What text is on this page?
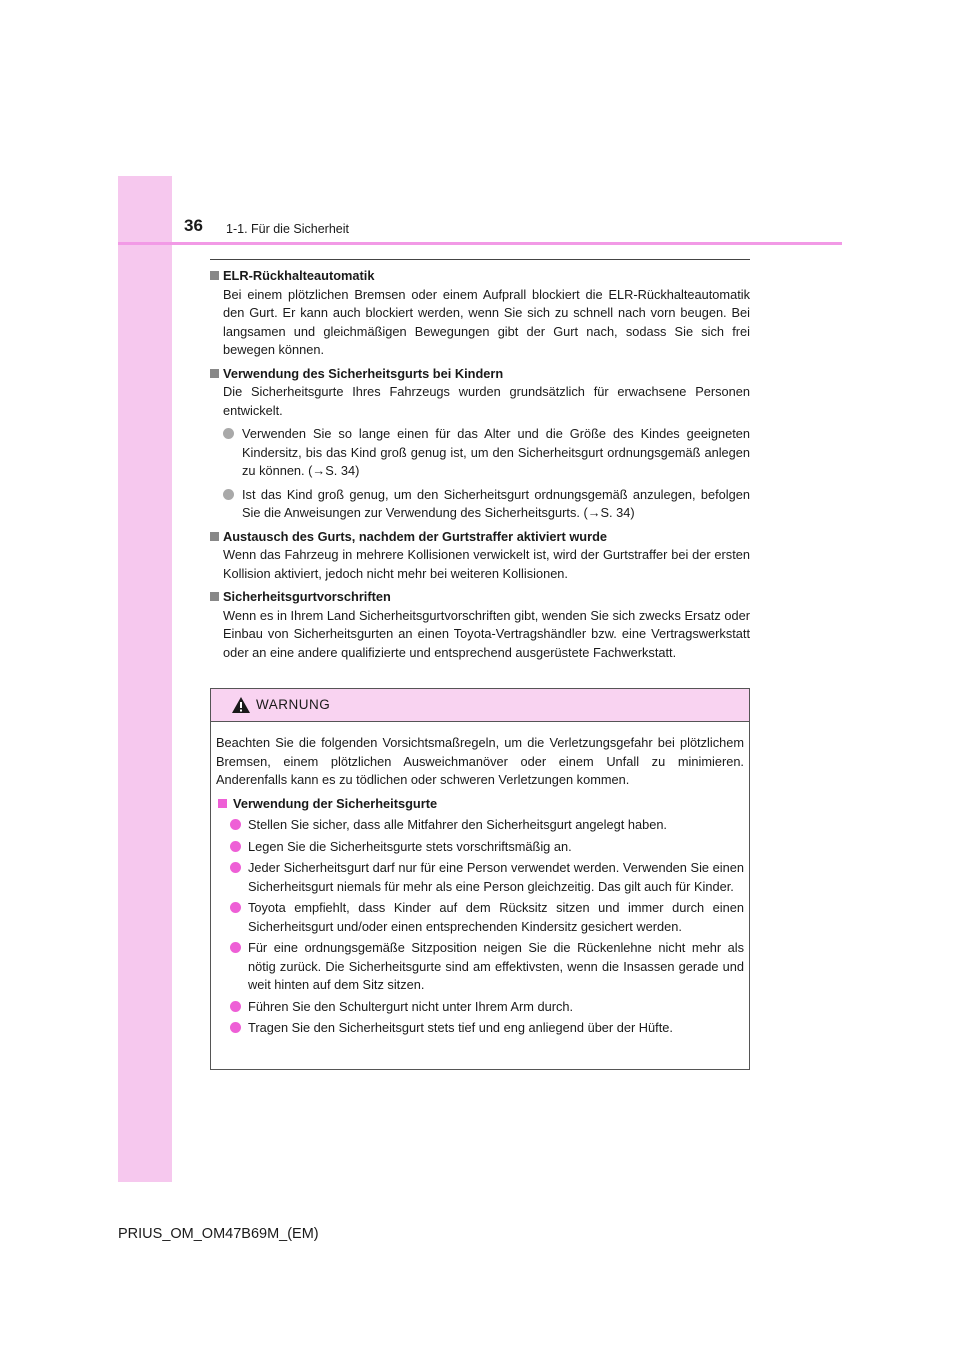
36 1-1. Für die Sicherheit
ELR-Rückhalteautomatik
Bei einem plötzlichen Bremsen oder einem Aufprall blockiert die ELR-Rückhalteautomatik den Gurt. Er kann auch blockiert werden, wenn Sie sich zu schnell nach vorn beugen. Bei langsamen und gleichmäßigen Bewegungen gibt der Gurt nach, sodass Sie sich frei bewegen können.
Verwendung des Sicherheitsgurts bei Kindern
Die Sicherheitsgurte Ihres Fahrzeugs wurden grundsätzlich für erwachsene Personen entwickelt.
Verwenden Sie so lange einen für das Alter und die Größe des Kindes geeigneten Kindersitz, bis das Kind groß genug ist, um den Sicherheitsgurt ordnungsgemäß anlegen zu können. (→S. 34)
Ist das Kind groß genug, um den Sicherheitsgurt ordnungsgemäß anzulegen, befolgen Sie die Anweisungen zur Verwendung des Sicherheitsgurts. (→S. 34)
Austausch des Gurts, nachdem der Gurtstraffer aktiviert wurde
Wenn das Fahrzeug in mehrere Kollisionen verwickelt ist, wird der Gurtstraffer bei der ersten Kollision aktiviert, jedoch nicht mehr bei weiteren Kollisionen.
Sicherheitsgurtvorschriften
Wenn es in Ihrem Land Sicherheitsgurtvorschriften gibt, wenden Sie sich zwecks Ersatz oder Einbau von Sicherheitsgurten an einen Toyota-Vertragshändler bzw. eine Vertragswerkstatt oder an eine andere qualifizierte und entsprechend ausgerüstete Fachwerkstatt.
WARNUNG
Beachten Sie die folgenden Vorsichtsmaßregeln, um die Verletzungsgefahr bei plötzlichem Bremsen, einem plötzlichen Ausweichmanöver oder einem Unfall zu minimieren. Anderenfalls kann es zu tödlichen oder schweren Verletzungen kommen.
Verwendung der Sicherheitsgurte
Stellen Sie sicher, dass alle Mitfahrer den Sicherheitsgurt angelegt haben.
Legen Sie die Sicherheitsgurte stets vorschriftsmäßig an.
Jeder Sicherheitsgurt darf nur für eine Person verwendet werden. Verwenden Sie einen Sicherheitsgurt niemals für mehr als eine Person gleichzeitig. Das gilt auch für Kinder.
Toyota empfiehlt, dass Kinder auf dem Rücksitz sitzen und immer durch einen Sicherheitsgurt und/oder einen entsprechenden Kindersitz gesichert werden.
Für eine ordnungsgemäße Sitzposition neigen Sie die Rückenlehne nicht mehr als nötig zurück. Die Sicherheitsgurte sind am effektivsten, wenn die Insassen gerade und weit hinten auf dem Sitz sitzen.
Führen Sie den Schultergurt nicht unter Ihrem Arm durch.
Tragen Sie den Sicherheitsgurt stets tief und eng anliegend über der Hüfte.
PRIUS_OM_OM47B69M_(EM)
